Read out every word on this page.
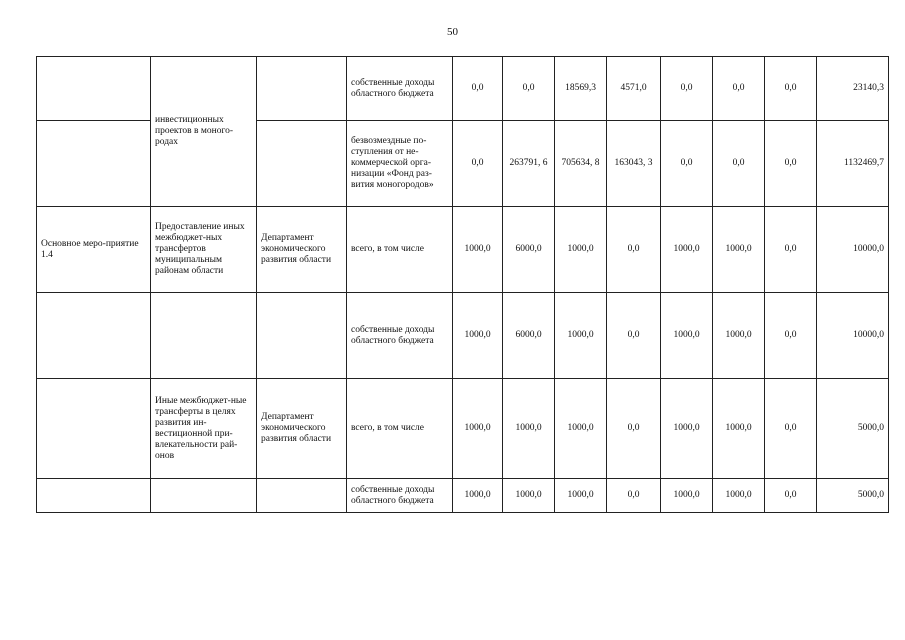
50
	инвестиционных проектов в моного-родах		собственные доходы областного бюджета	0,0	0,0	18569,3	4571,0	0,0	0,0	0,0	23140,3
			безвозмездные по-ступления от не-коммерческой орга-низации «Фонд раз-вития моногородов»	0,0	263791, 6	705634, 8	163043, 3	0,0	0,0	0,0	1132469,7
Основное меро-приятие 1.4	Предоставление иных межбюджет-ных трансфертов муниципальным районам области	Департамент экономического развития области	всего, в том числе	1000,0	6000,0	1000,0	0,0	1000,0	1000,0	0,0	10000,0
			собственные доходы областного бюджета	1000,0	6000,0	1000,0	0,0	1000,0	1000,0	0,0	10000,0
	Иные межбюджет-ные трансферты в целях развития ин-вестиционной при-влекательности рай-онов	Департамент экономического развития области	всего, в том числе	1000,0	1000,0	1000,0	0,0	1000,0	1000,0	0,0	5000,0
			собственные доходы областного бюджета	1000,0	1000,0	1000,0	0,0	1000,0	1000,0	0,0	5000,0
